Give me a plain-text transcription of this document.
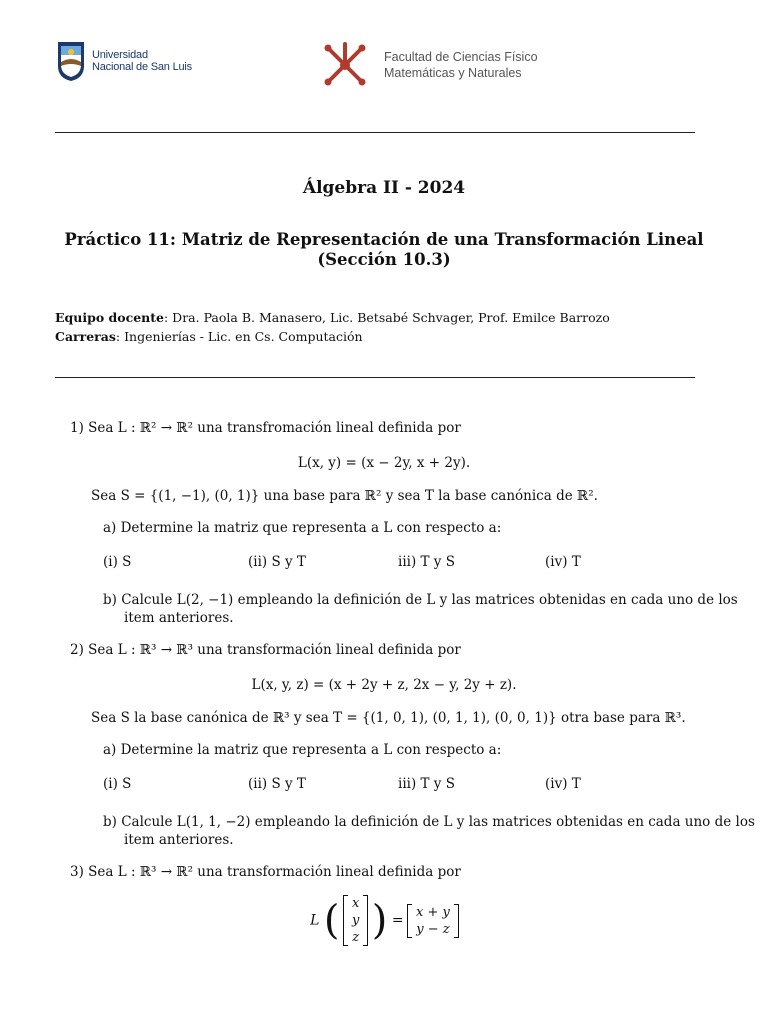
Universidad
Nacional de San Luis
Facultad de Ciencias Físico
Matemáticas y Naturales
Álgebra II - 2024
Práctico 11: Matriz de Representación de una Transformación Lineal
(Sección 10.3)
Equipo docente: Dra. Paola B. Manasero, Lic. Betsabé Schvager, Prof. Emilce Barrozo
Carreras: Ingenierías - Lic. en Cs. Computación
1) Sea L : ℝ² → ℝ² una transfromación lineal definida por
L(x, y) = (x − 2y, x + 2y).
Sea S = {(1, −1), (0, 1)} una base para ℝ² y sea T la base canónica de ℝ².
a) Determine la matriz que representa a L con respecto a:
(i) S	(ii) S y T	iii) T y S	(iv) T
b) Calcule L(2, −1) empleando la definición de L y las matrices obtenidas en cada uno de los
item anteriores.
2) Sea L : ℝ³ → ℝ³ una transformación lineal definida por
L(x, y, z) = (x + 2y + z, 2x − y, 2y + z).
Sea S la base canónica de ℝ³ y sea T = {(1, 0, 1), (0, 1, 1), (0, 0, 1)} otra base para ℝ³.
a) Determine la matriz que representa a L con respecto a:
(i) S	(ii) S y T	iii) T y S	(iv) T
b) Calcule L(1, 1, −2) empleando la definición de L y las matrices obtenidas en cada uno de los
item anteriores.
3) Sea L : ℝ³ → ℝ² una transformación lineal definida por
L ( x
y
z ) =
x + y
y − z
